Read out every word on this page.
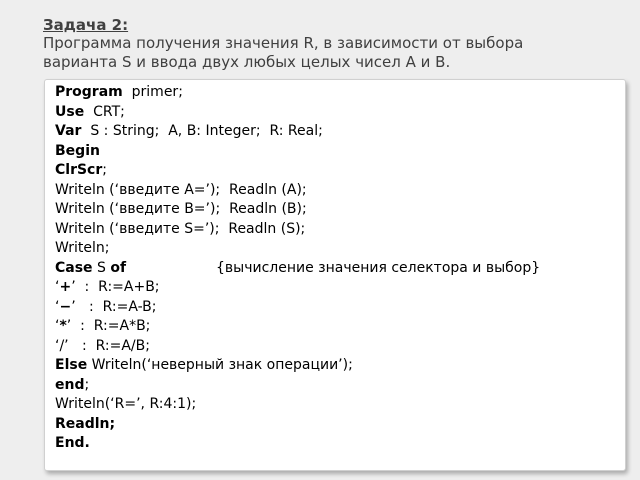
Задача 2:
Программа получения значения R, в зависимости от выбора
варианта S и ввода двух любых целых чисел A и B.
Program  primer;
Use  CRT;
Var  S : String;  A, B: Integer;  R: Real;
Begin
ClrScr;
Writeln (‘введите A=’);  Readln (A);
Writeln (‘введите B=’);  Readln (B);
Writeln (‘введите S=’);  Readln (S);
Writeln;
Case S of	{вычисление значения селектора и выбор}
‘+’  :  R:=A+B;
‘−’   :  R:=A-B;
‘*’  :  R:=A*B;
‘/’   :  R:=A/B;
Else Writeln(‘неверный знак операции’);
end;
Writeln(‘R=’, R:4:1);
Readln;
End.
